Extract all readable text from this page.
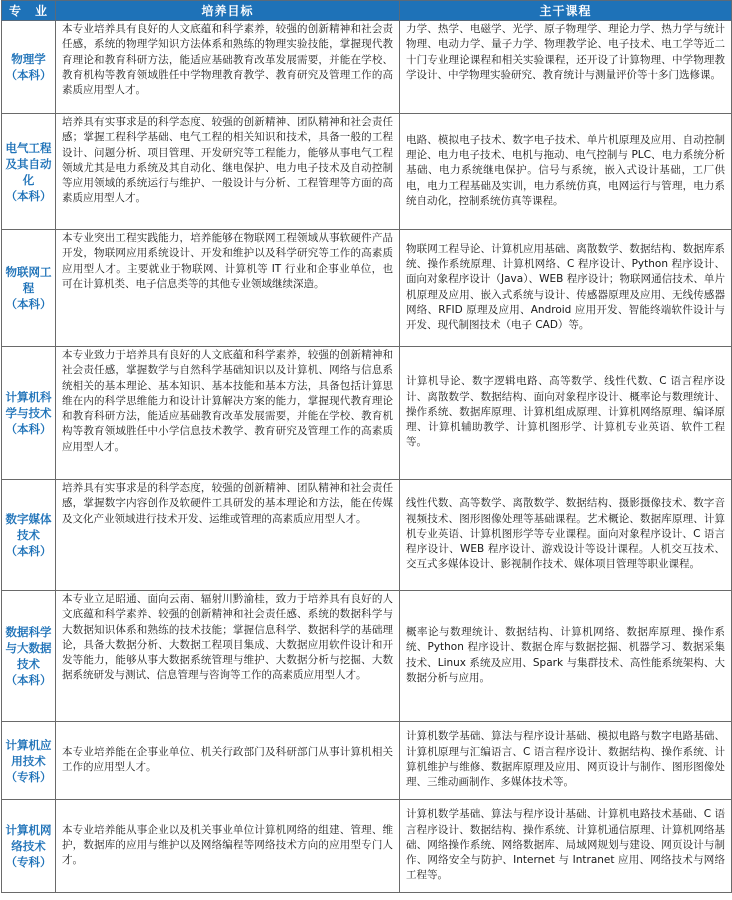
专　业	培养目标	主干课程

物理学
（本科）	本专业培养具有良好的人文底蕴和科学素养，较强的创新精神和社会责任感，系统的物理学知识方法体系和熟练的物理实验技能，掌握现代教育理论和教育科研方法，能适应基础教育改革发展需要，并能在学校、教育机构等教育领域胜任中学物理教育教学、教育研究及管理工作的高素质应用型人才。	力学、热学、电磁学、光学、原子物理学、理论力学、热力学与统计物理、电动力学、量子力学、物理教学论、电子技术、电工学等近二十门专业理论课程和相关实验课程，还开设了计算物理、中学物理教学设计、中学物理实验研究、教育统计与测量评价等十多门选修课。

电气工程及其自动化
（本科）	培养具有实事求是的科学态度、较强的创新精神、团队精神和社会责任感；掌握工程科学基础、电气工程的相关知识和技术，具备一般的工程设计、问题分析、项目管理、开发研究等工程能力，能够从事电气工程领域尤其是电力系统及其自动化、继电保护、电力电子技术及自动控制等应用领域的系统运行与维护、一般设计与分析、工程管理等方面的高素质应用型人才。	电路、模拟电子技术、数字电子技术、单片机原理及应用、自动控制理论、电力电子技术、电机与拖动、电气控制与 PLC、电力系统分析基础、电力系统继电保护。信号与系统，嵌入式设计基础，工厂供电，电力工程基础及实训，电力系统仿真，电网运行与管理，电力系统自动化，控制系统仿真等课程。

物联网工程
（本科）	本专业突出工程实践能力，培养能够在物联网工程领域从事软硬件产品开发，物联网应用系统设计、开发和维护以及科学研究等工作的高素质应用型人才。主要就业于物联网、计算机等 IT 行业和企事业单位，也可在计算机类、电子信息类等的其他专业领域继续深造。	物联网工程导论、计算机应用基础、离散数学、数据结构、数据库系统、操作系统原理、计算机网络、C 程序设计、Python 程序设计、面向对象程序设计（Java）、WEB 程序设计；物联网通信技术、单片机原理及应用、嵌入式系统与设计、传感器原理及应用、无线传感器网络、RFID 原理及应用、Android 应用开发、智能终端软件设计与开发、现代制图技术（电子 CAD）等。

计算机科学与技术
（本科）	本专业致力于培养具有良好的人文底蕴和科学素养，较强的创新精神和社会责任感，掌握数学与自然科学基础知识以及计算机、网络与信息系统相关的基本理论、基本知识、基本技能和基本方法，具备包括计算思维在内的科学思维能力和设计计算解决方案的能力，掌握现代教育理论和教育科研方法，能适应基础教育改革发展需要，并能在学校、教育机构等教育领域胜任中小学信息技术教学、教育研究及管理工作的高素质应用型人才。	计算机导论、数字逻辑电路、高等数学、线性代数、C 语言程序设计、离散数学、数据结构、面向对象程序设计、概率论与数理统计、操作系统、数据库原理、计算机组成原理、计算机网络原理、编译原理、计算机辅助教学、计算机图形学、计算机专业英语、软件工程等。

数字媒体技术
（本科）	培养具有实事求是的科学态度，较强的创新精神、团队精神和社会责任感，掌握数字内容创作及软硬件工具研发的基本理论和方法，能在传媒及文化产业领域进行技术开发、运维或管理的高素质应用型人才。	线性代数、高等数学、离散数学、数据结构、摄影摄像技术、数字音视频技术、图形图像处理等基础课程。艺术概论、数据库原理、计算机专业英语、计算机图形学等专业课程。面向对象程序设计、C 语言程序设计、WEB 程序设计、游戏设计等设计课程。人机交互技术、交互式多媒体设计、影视制作技术、媒体项目管理等职业课程。

数据科学与大数据技术
（本科）	本专业立足昭通、面向云南、辐射川黔渝桂，致力于培养具有良好的人文底蕴和科学素养、较强的创新精神和社会责任感、系统的数据科学与大数据知识体系和熟练的技术技能；掌握信息科学、数据科学的基础理论，具备大数据分析、大数据工程项目集成、大数据应用软件设计和开发等能力，能够从事大数据系统管理与维护、大数据分析与挖掘、大数据系统研发与测试、信息管理与咨询等工作的高素质应用型人才。	概率论与数理统计、数据结构、计算机网络、数据库原理、操作系统、Python 程序设计、数据仓库与数据挖掘、机器学习、数据采集技术、Linux 系统及应用、Spark 与集群技术、高性能系统架构、大数据分析与应用。

计算机应用技术
（专科）	本专业培养能在企事业单位、机关行政部门及科研部门从事计算机相关工作的应用型人才。	计算机数学基础、算法与程序设计基础、模拟电路与数字电路基础、计算机原理与汇编语言、C 语言程序设计、数据结构、操作系统、计算机维护与维修、数据库原理及应用、网页设计与制作、图形图像处理、三维动画制作、多媒体技术等。

计算机网络技术
（专科）	本专业培养能从事企业以及机关事业单位计算机网络的组建、管理、维护，数据库的应用与维护以及网络编程等网络技术方向的应用型专门人才。	计算机数学基础、算法与程序设计基础、计算机电路技术基础、C 语言程序设计、数据结构、操作系统、计算机通信原理、计算机网络基础、网络操作系统、网络数据库、局域网规划与建设、网页设计与制作、网络安全与防护、Internet 与 Intranet 应用、网络技术与网络工程等。
